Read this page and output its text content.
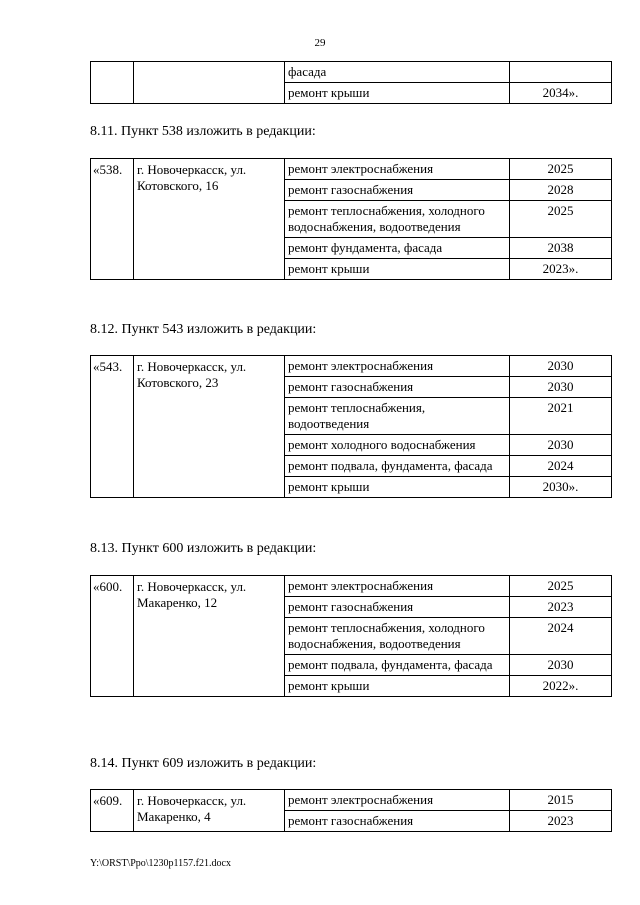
29
		фасада	
		ремонт крыши	2034».
8.11. Пункт 538 изложить в редакции:
«538.	г. Новочеркасск, ул. Котовского, 16	ремонт электроснабжения	2025
		ремонт газоснабжения	2028
		ремонт теплоснабжения, холодного водоснабжения, водоотведения	2025
		ремонт фундамента, фасада	2038
		ремонт крыши	2023».
8.12. Пункт 543 изложить в редакции:
«543.	г. Новочеркасск, ул. Котовского, 23	ремонт электроснабжения	2030
		ремонт газоснабжения	2030
		ремонт теплоснабжения, водоотведения	2021
		ремонт холодного водоснабжения	2030
		ремонт подвала, фундамента, фасада	2024
		ремонт крыши	2030».
8.13. Пункт 600 изложить в редакции:
«600.	г. Новочеркасск, ул. Макаренко, 12	ремонт электроснабжения	2025
		ремонт газоснабжения	2023
		ремонт теплоснабжения, холодного водоснабжения, водоотведения	2024
		ремонт подвала, фундамента, фасада	2030
		ремонт крыши	2022».
8.14. Пункт 609 изложить в редакции:
«609.	г. Новочеркасск, ул. Макаренко, 4	ремонт электроснабжения	2015
		ремонт газоснабжения	2023
Y:\ORST\Ppo\1230p1157.f21.docx
